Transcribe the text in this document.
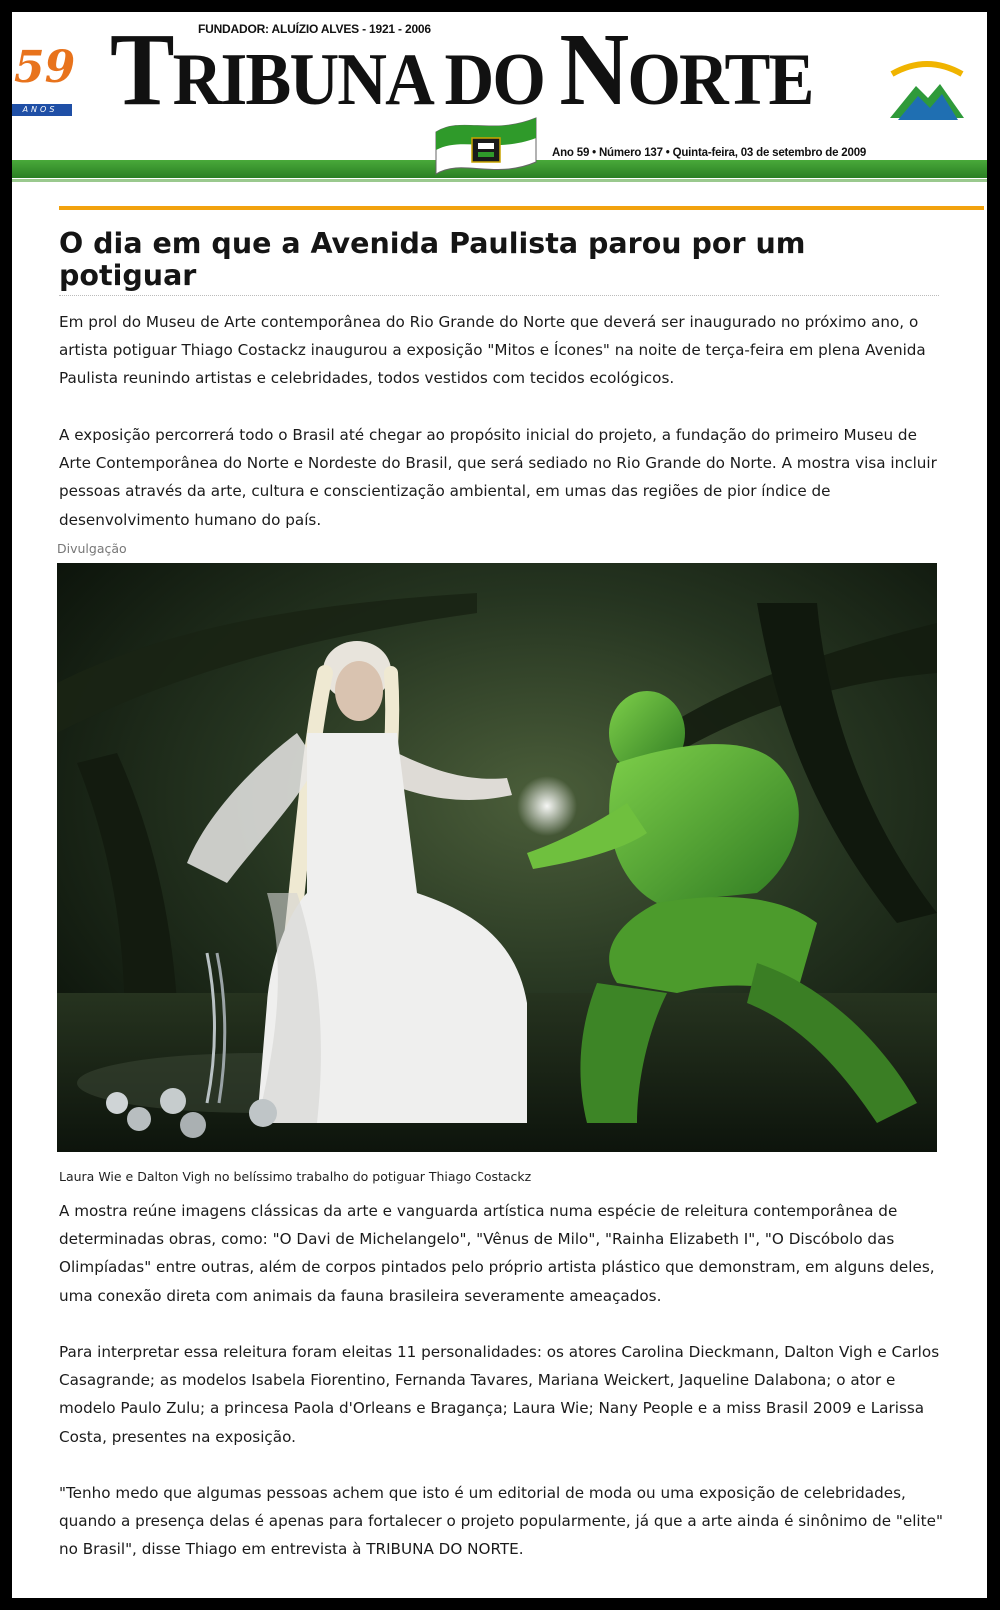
59
ANOS TRIBUNA DO NORTE
FUNDADOR: ALUÍZIO ALVES - 1921 - 2006
Ano 59 • Número 137 • Quinta-feira, 03 de setembro de 2009
O dia em que a Avenida Paulista parou por um potiguar

Em prol do Museu de Arte contemporânea do Rio Grande do Norte que deverá ser inaugurado no próximo ano, o artista potiguar Thiago Costackz inaugurou a exposição "Mitos e Ícones" na noite de terça-feira em plena Avenida Paulista reunindo artistas e celebridades, todos vestidos com tecidos ecológicos.

A exposição percorrerá todo o Brasil até chegar ao propósito inicial do projeto, a fundação do primeiro Museu de Arte Contemporânea do Norte e Nordeste do Brasil, que será sediado no Rio Grande do Norte. A mostra visa incluir pessoas através da arte, cultura e conscientização ambiental, em umas das regiões de pior índice de desenvolvimento humano do país.

Divulgação

Laura Wie e Dalton Vigh no belíssimo trabalho do potiguar Thiago Costackz

A mostra reúne imagens clássicas da arte e vanguarda artística numa espécie de releitura contemporânea de determinadas obras, como: "O Davi de Michelangelo", "Vênus de Milo", "Rainha Elizabeth I", "O Discóbolo das Olimpíadas" entre outras, além de corpos pintados pelo próprio artista plástico que demonstram, em alguns deles, uma conexão direta com animais da fauna brasileira severamente ameaçados.

Para interpretar essa releitura foram eleitas 11 personalidades: os atores Carolina Dieckmann, Dalton Vigh e Carlos Casagrande; as modelos Isabela Fiorentino, Fernanda Tavares, Mariana Weickert, Jaqueline Dalabona; o ator e modelo Paulo Zulu; a princesa Paola d'Orleans e Bragança; Laura Wie; Nany People e a miss Brasil 2009 e Larissa Costa, presentes na exposição.

"Tenho medo que algumas pessoas achem que isto é um editorial de moda ou uma exposição de celebridades, quando a presença delas é apenas para fortalecer o projeto popularmente, já que a arte ainda é sinônimo de "elite" no Brasil", disse Thiago em entrevista à TRIBUNA DO NORTE.
